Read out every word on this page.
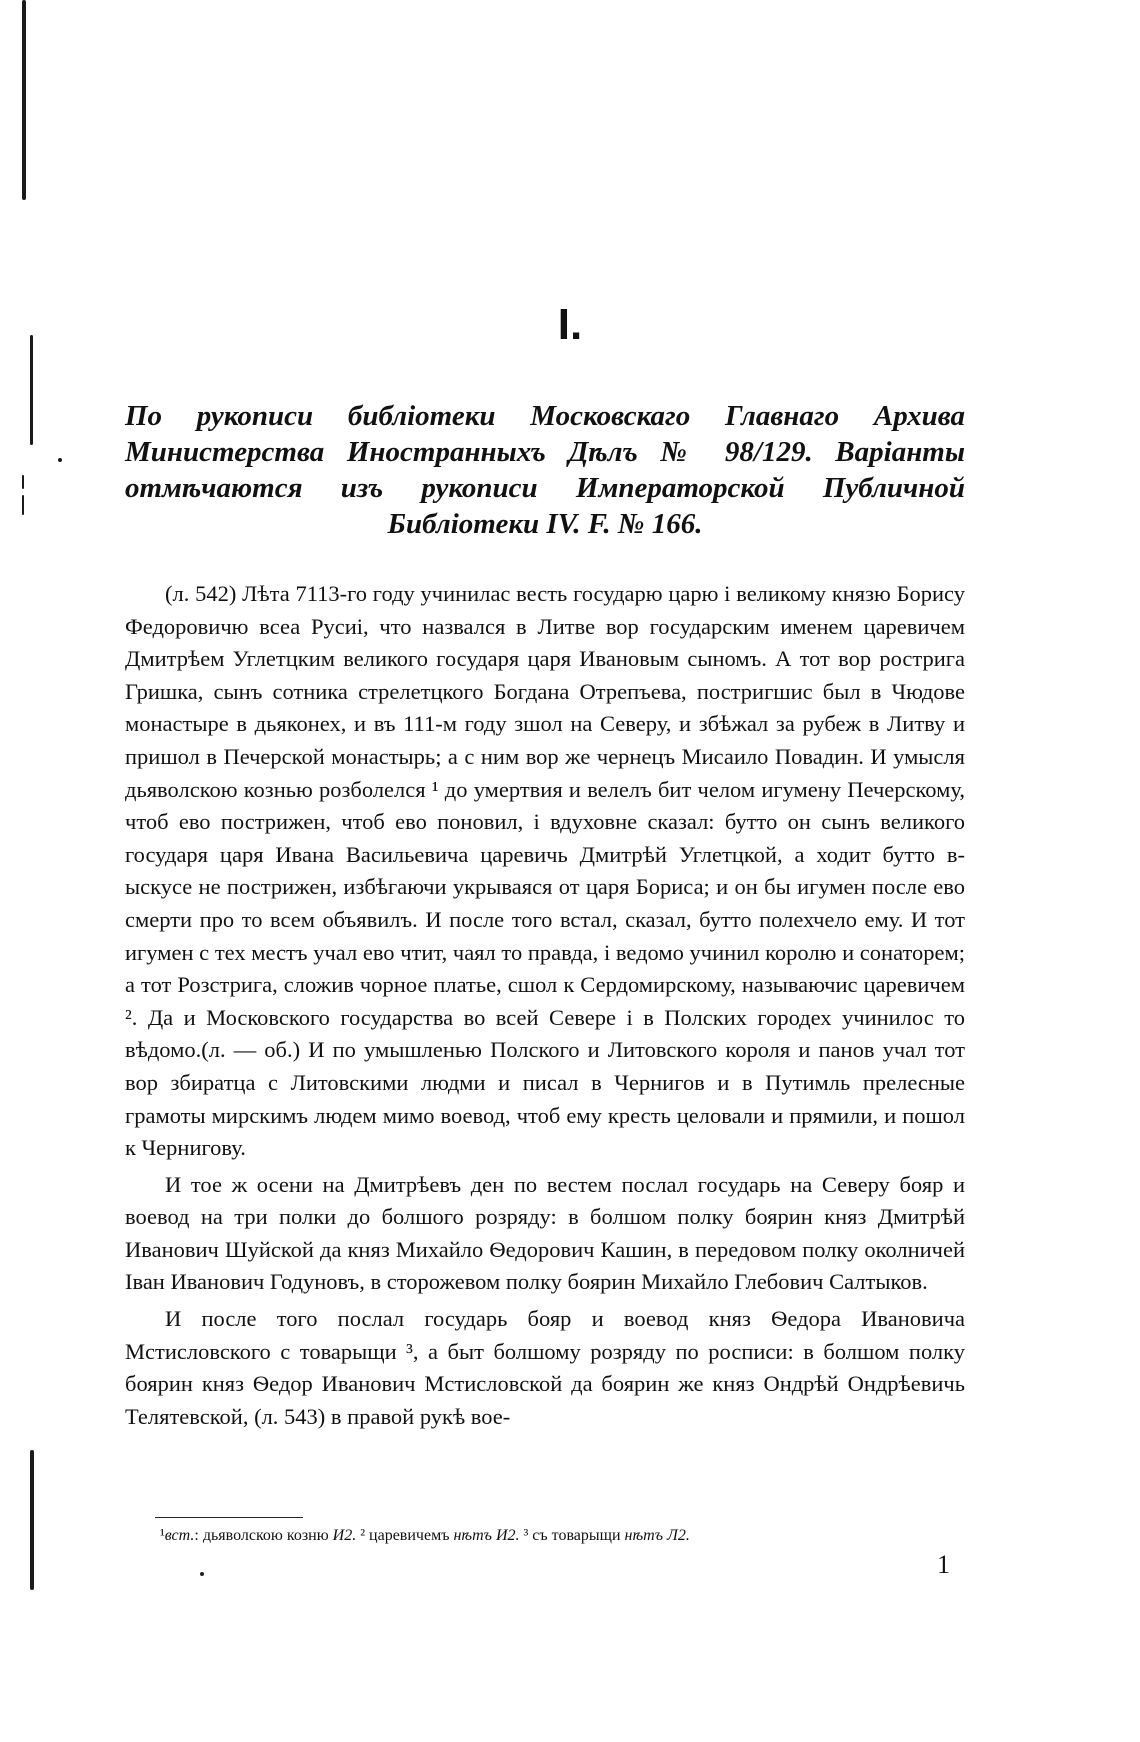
I.
По рукописи библіотеки Московскаго Главнаго Архива Министерства Иностранныхъ Дѣлъ № 98/129. Варіанты отмѣчаются изъ рукописи Императорской Публичной Библіотеки IV. F. № 166.

(л. 542) Лѣта 7113-го году учинилас весть государю царю і великому князю Борису Федоровичю всеа Русиі, что назвался в Литве вор государским именем царевичем Дмитрѣем Углетцким великого государя царя Ивановым сыномъ. А тот вор рострига Гришка, сынъ сотника стрелетцкого Богдана Отрепъева, постригшис был в Чюдове монастыре в дьяконех, и въ 111-м году зшол на Северу, и збѣжал за рубеж в Литву и пришол в Печерской монастырь; а с ним вор же чернецъ Мисаило Повадин. И умысля дьяволскою кознью розболелся ¹ до умертвия и велелъ бит челом игумену Печерскому, чтоб ево пострижен, чтоб ево поновил, і вдуховне сказал: бутто он сынъ великого государя царя Ивана Васильевича царевичь Дмитрѣй Углетцкой, а ходит бутто в-ыскусе не пострижен, избѣгаючи укрываяся от царя Бориса; и он бы игумен после ево смерти про то всем объявилъ. И после того встал, сказал, бутто полехчело ему. И тот игумен с тех местъ учал ево чтит, чаял то правда, і ведомо учинил королю и сонаторем; а тот Розстрига, сложив чорное платье, сшол к Сердомирскому, называючис царевичем ². Да и Московского государства во всей Севере і в Полских городех учинилос то вѣдомо.(л. — об.) И по умышленью Полского и Литовского короля и панов учал тот вор збиратца с Литовскими людми и писал в Чернигов и в Путимль прелесные грамоты мирскимъ людем мимо воевод, чтоб ему кресть целовали и прямили, и пошол к Чернигову.

И тое ж осени на Дмитрѣевъ ден по вестем послал государь на Северу бояр и воевод на три полки до болшого розряду: в болшом полку боярин княз Дмитрѣй Иванович Шуйской да княз Михайло Ѳедорович Кашин, в передовом полку околничей Іван Иванович Годуновъ, в сторожевом полку боярин Михайло Глебович Салтыков.

И после того послал государь бояр и воевод княз Ѳедора Ивановича Мстисловского с товарыщи ³, а быт болшому розряду по росписи: в болшом полку боярин княз Ѳедор Иванович Мстисловской да боярин же княз Ондрѣй Ондрѣевичь Телятевской, (л. 543) в правой рукѣ вое-

¹вст.: дьяволскою козню И2. ² царевичемъ нѣтъ И2. ³ съ товарыщи нѣтъ Л2.
1
